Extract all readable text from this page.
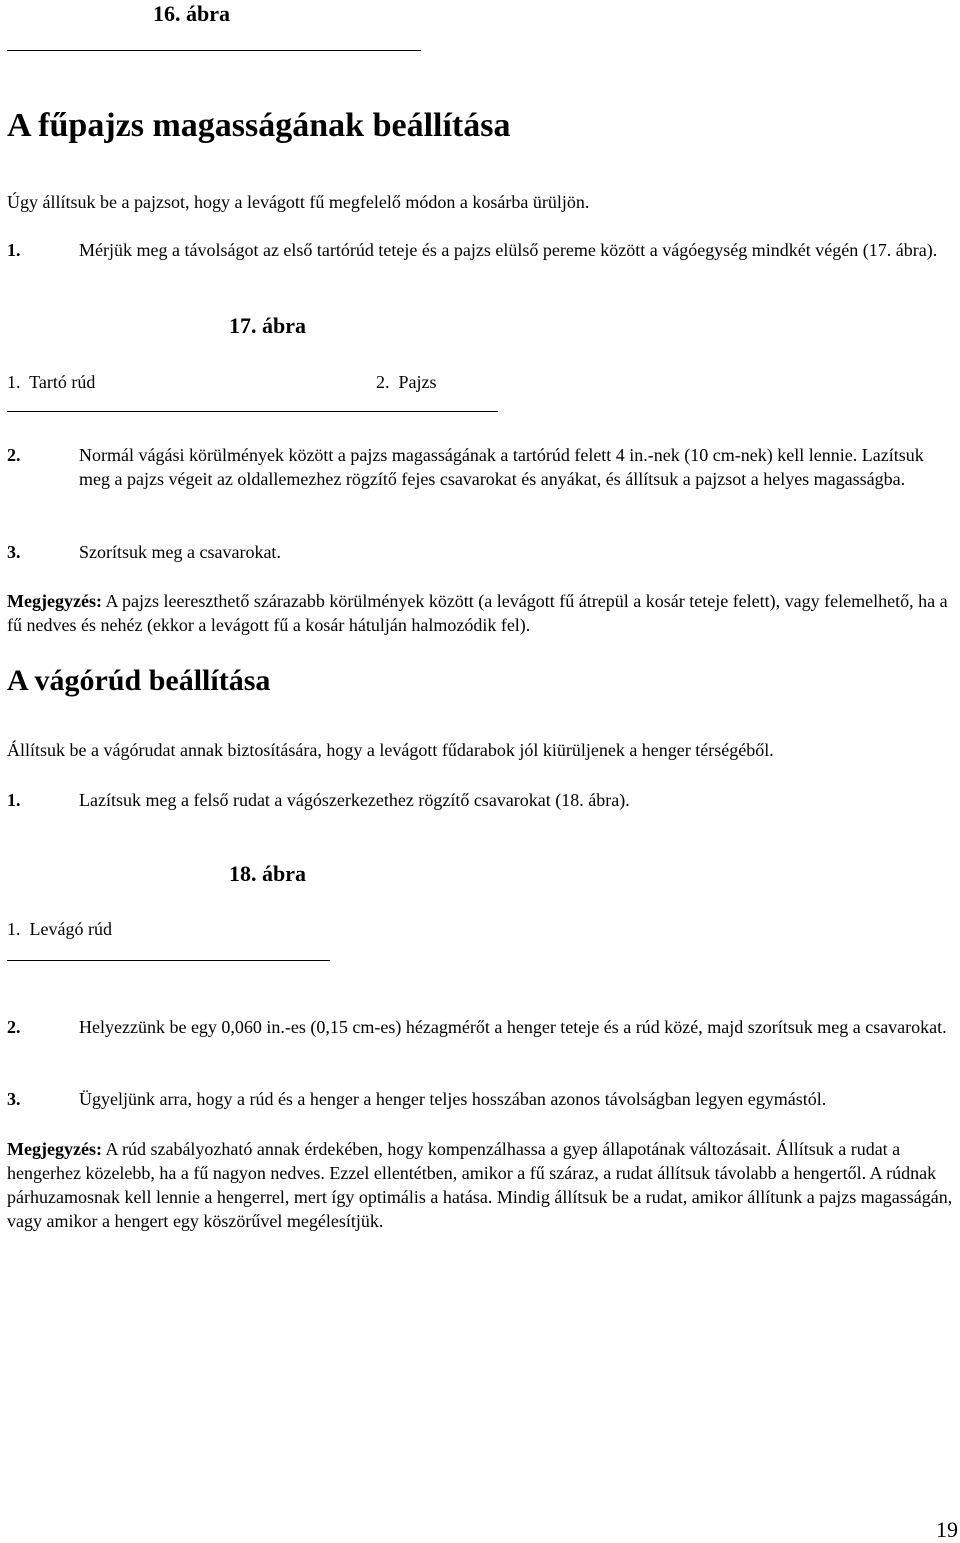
16. ábra
A fűpajzs magasságának beállítása
Úgy állítsuk be a pajzsot, hogy a levágott fű megfelelő módon a kosárba ürüljön.
1.	Mérjük meg a távolságot az első tartórúd teteje és a pajzs elülső pereme között a vágóegység mindkét végén (17. ábra).
17. ábra
1.  Tartó rúd	2.  Pajzs
2.	Normál vágási körülmények között a pajzs magasságának a tartórúd felett 4 in.-nek (10 cm-nek) kell lennie. Lazítsuk meg a pajzs végeit az oldallemezhez rögzítő fejes csavarokat és anyákat, és állítsuk a pajzsot a helyes magasságba.
3.	Szorítsuk meg a csavarokat.
Megjegyzés: A pajzs leereszthető szárazabb körülmények között (a levágott fű átrepül a kosár teteje felett), vagy felemelhető, ha a fű nedves és nehéz (ekkor a levágott fű a kosár hátulján halmozódik fel).
A vágórúd beállítása
Állítsuk be a vágórudat annak biztosítására, hogy a levágott fűdarabok jól kiürüljenek a henger térségéből.
1.	Lazítsuk meg a felső rudat a vágószerkezethez rögzítő csavarokat (18. ábra).
18. ábra
1.  Levágó rúd
2.	Helyezzünk be egy 0,060 in.-es (0,15 cm-es) hézagmérőt a henger teteje és a rúd közé, majd szorítsuk meg a csavarokat.
3.	Ügyeljünk arra, hogy a rúd és a henger a henger teljes hosszában azonos távolságban legyen egymástól.
Megjegyzés: A rúd szabályozható annak érdekében, hogy kompenzálhassa a gyep állapotának változásait. Állítsuk a rudat a hengerhez közelebb, ha a fű nagyon nedves. Ezzel ellentétben, amikor a fű száraz, a rudat állítsuk távolabb a hengertől. A rúdnak párhuzamosnak kell lennie a hengerrel, mert így optimális a hatása. Mindig állítsuk be a rudat, amikor állítunk a pajzs magasságán, vagy amikor a hengert egy köszörűvel megélesítjük.
19
